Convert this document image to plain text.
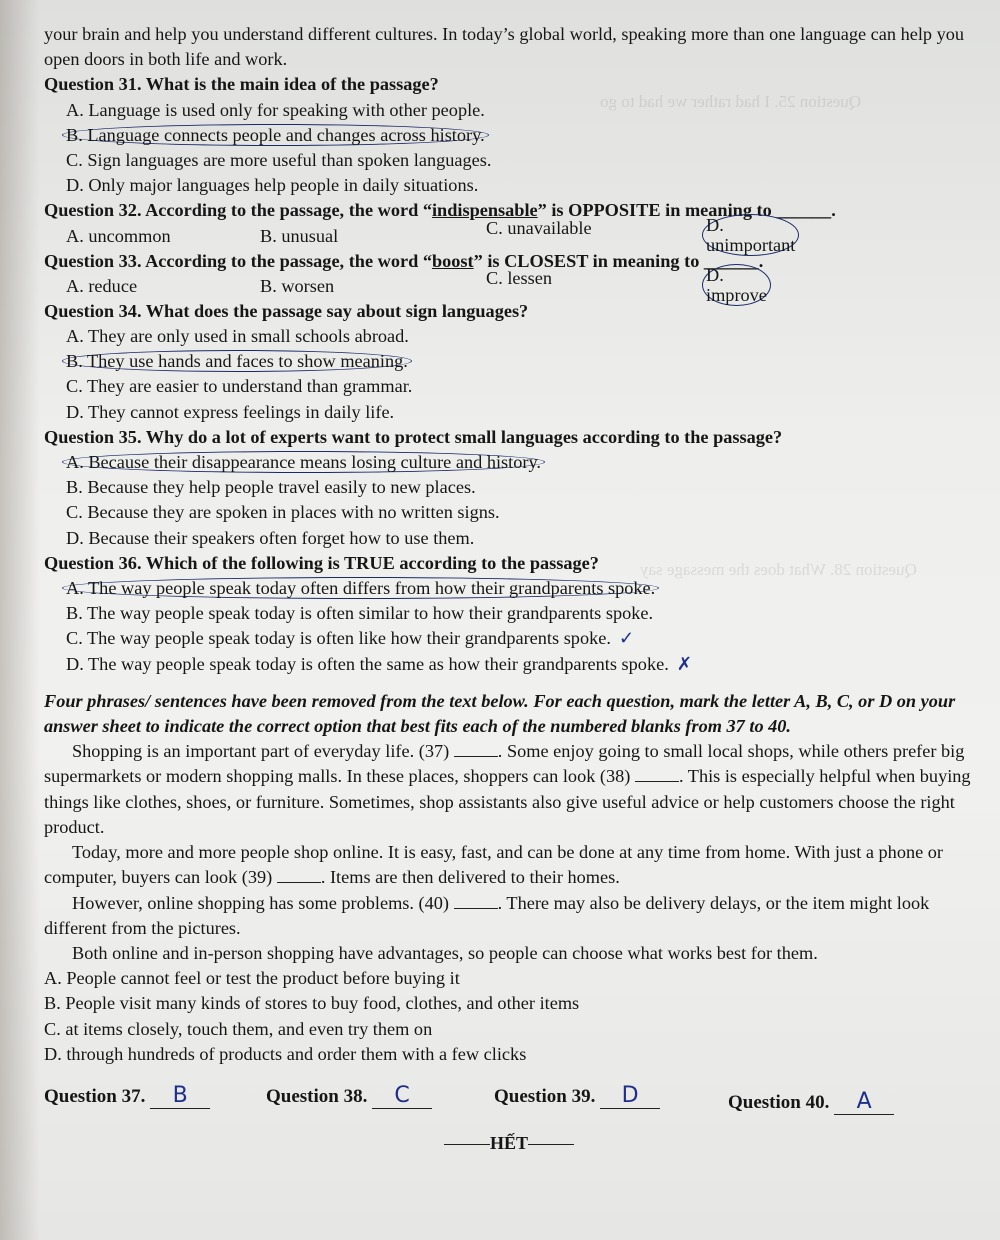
Question 25. I had rather we had to go
Question 28. What does the message say

your brain and help you understand different cultures. In today’s global world, speaking more than one language can help you open doors in both life and work.

Question 31. What is the main idea of the passage?

A. Language is used only for speaking with other people.

B. Language connects people and changes across history.

C. Sign languages are more useful than spoken languages.

D. Only major languages help people in daily situations.

Question 32. According to the passage, the word “indispensable” is OPPOSITE in meaning to ______.

A. uncommon	B. unusual	C. unavailable	D. unimportant

Question 33. According to the passage, the word “boost” is CLOSEST in meaning to ______.

A. reduce	B. worsen	C. lessen	D. improve

Question 34. What does the passage say about sign languages?

A. They are only used in small schools abroad.

B. They use hands and faces to show meaning.

C. They are easier to understand than grammar.

D. They cannot express feelings in daily life.

Question 35. Why do a lot of experts want to protect small languages according to the passage?

A. Because their disappearance means losing culture and history.

B. Because they help people travel easily to new places.

C. Because they are spoken in places with no written signs.

D. Because their speakers often forget how to use them.

Question 36. Which of the following is TRUE according to the passage?

A. The way people speak today often differs from how their grandparents spoke.

B. The way people speak today is often similar to how their grandparents spoke.

C. The way people speak today is often like how their grandparents spoke. ✓

D. The way people speak today is often the same as how their grandparents spoke. ✗

Four phrases/ sentences have been removed from the text below. For each question, mark the letter A, B, C, or D on your answer sheet to indicate the correct option that best fits each of the numbered blanks from 37 to 40.

Shopping is an important part of everyday life. (37)	. Some enjoy going to small local shops, while others prefer big supermarkets or modern shopping malls. In these places, shoppers can look (38)	. This is especially helpful when buying things like clothes, shoes, or furniture. Sometimes, shop assistants also give useful advice or help customers choose the right product.

Today, more and more people shop online. It is easy, fast, and can be done at any time from home. With just a phone or computer, buyers can look (39)	. Items are then delivered to their homes.

However, online shopping has some problems. (40)	. There may also be delivery delays, or the item might look different from the pictures.

Both online and in-person shopping have advantages, so people can choose what works best for them.

A. People cannot feel or test the product before buying it

B. People visit many kinds of stores to buy food, clothes, and other items

C. at items closely, touch them, and even try them on

D. through hundreds of products and order them with a few clicks

Question 37. B	Question 38. C	Question 39. D	Question 40. A
HẾT
